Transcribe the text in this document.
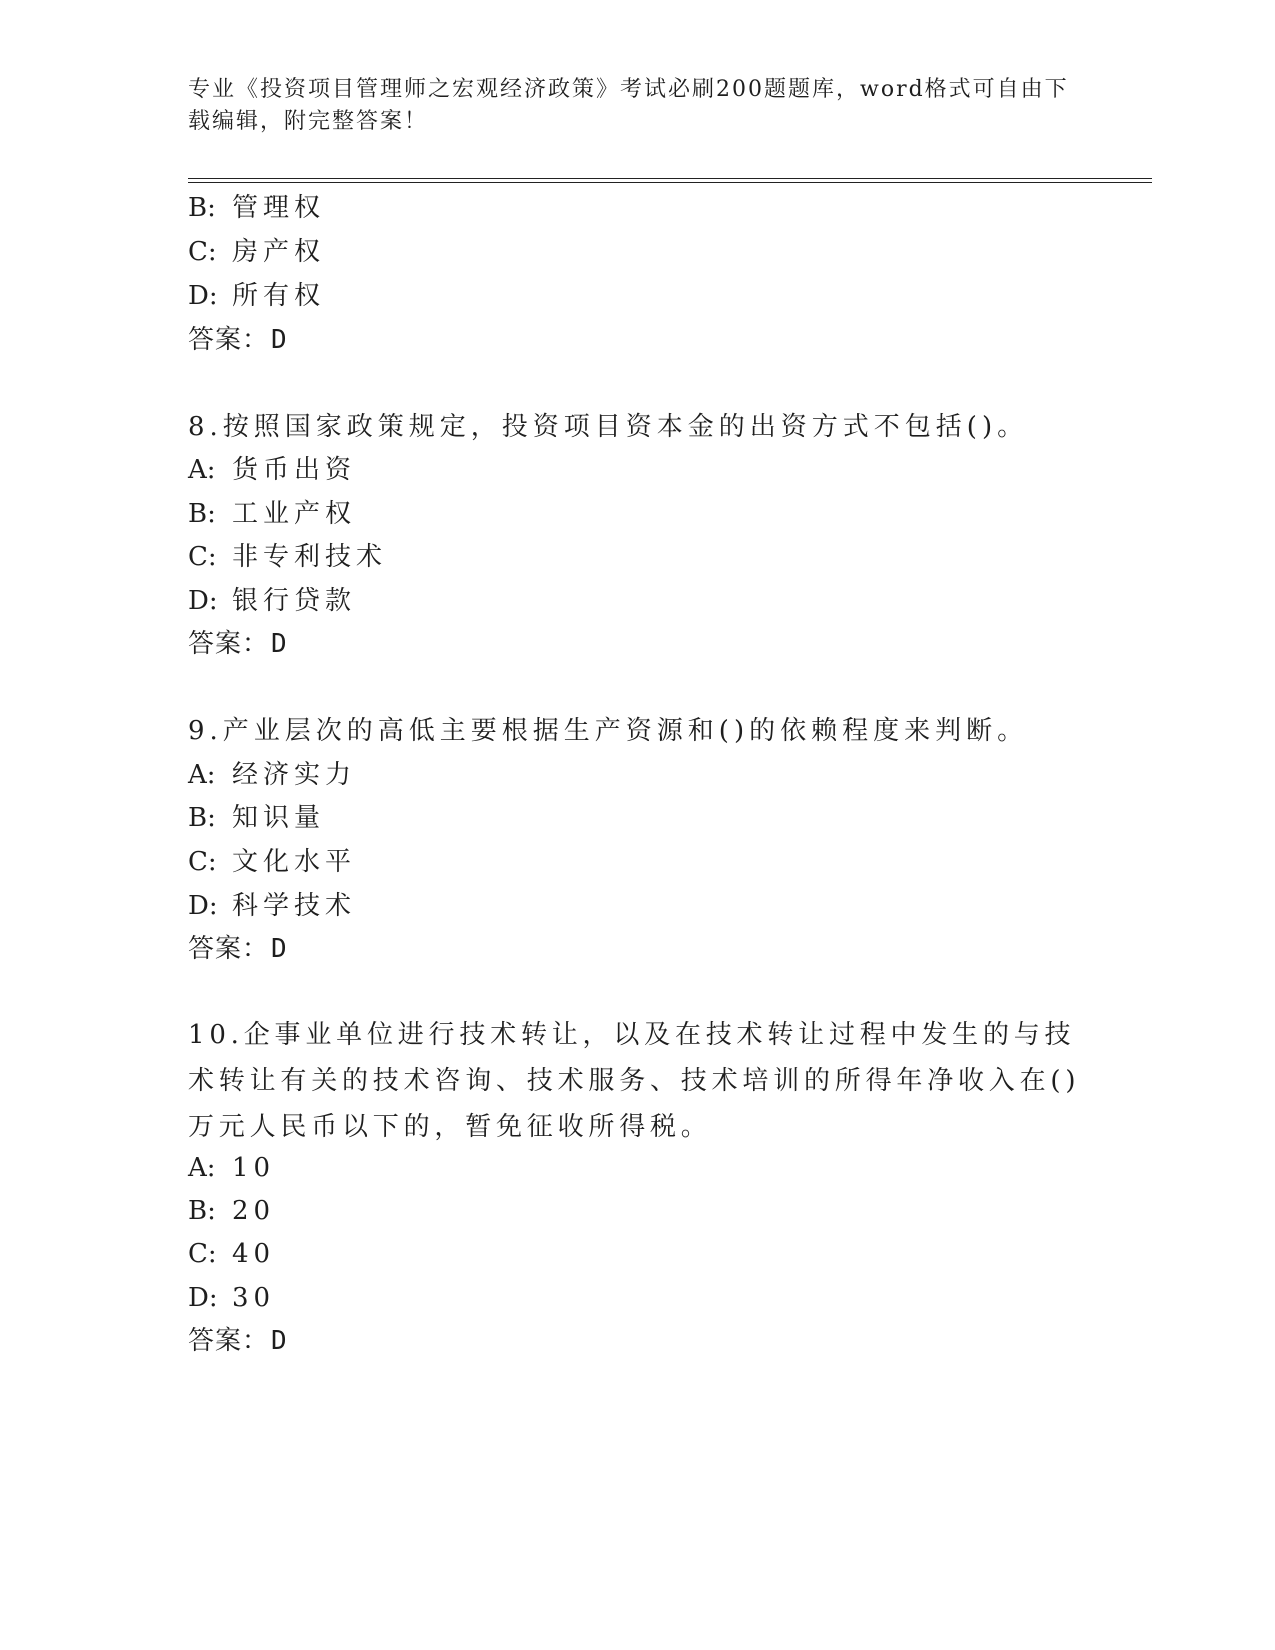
专业《投资项目管理师之宏观经济政策》考试必刷200题题库，word格式可自由下载编辑，附完整答案！

B: 管理权

C: 房产权

D: 所有权

答案：D

8.按照国家政策规定，投资项目资本金的出资方式不包括()。

A: 货币出资

B: 工业产权

C: 非专利技术

D: 银行贷款

答案：D

9.产业层次的高低主要根据生产资源和()的依赖程度来判断。

A: 经济实力

B: 知识量

C: 文化水平

D: 科学技术

答案：D

10.企事业单位进行技术转让，以及在技术转让过程中发生的与技术转让有关的技术咨询、技术服务、技术培训的所得年净收入在()万元人民币以下的，暂免征收所得税。

A: 10

B: 20

C: 40

D: 30

答案：D
